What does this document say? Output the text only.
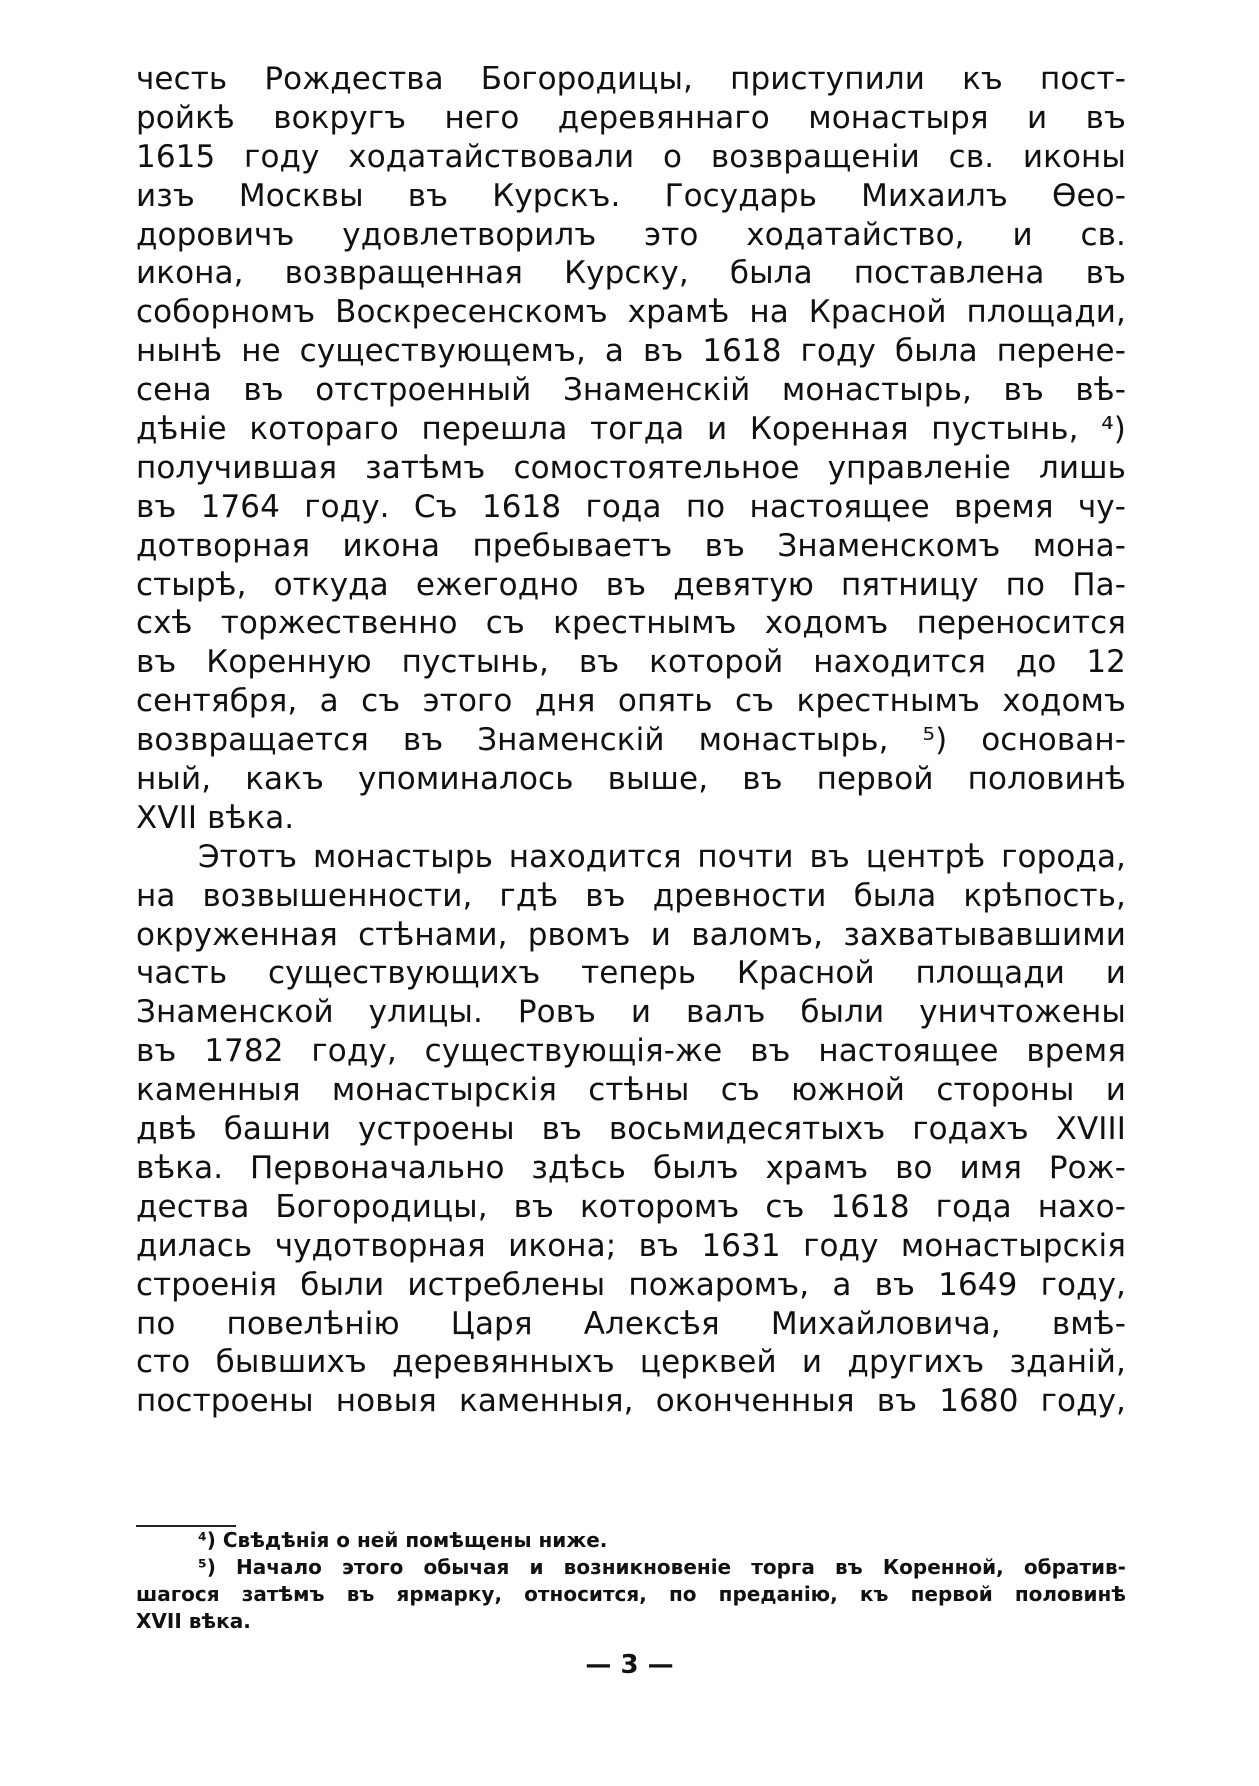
честь Рождества Богородицы, приступили къ пост-
ройкѣ вокругъ него деревяннаго монастыря и въ
1615 году ходатайствовали о возвращенiи св. иконы
изъ Москвы въ Курскъ. Государь Михаилъ Ѳео-
доровичъ удовлетворилъ это ходатайство, и св.
икона, возвращенная Курску, была поставлена въ
соборномъ Воскресенскомъ храмѣ на Красной площади,
нынѣ не существующемъ, а въ 1618 году была перене-
сена въ отстроенный Знаменскiй монастырь, въ вѣ-
дѣнiе котораго перешла тогда и Коренная пустынь, ⁴)
получившая затѣмъ сомостоятельное управленiе лишь
въ 1764 году. Съ 1618 года по настоящее время чу-
дотворная икона пребываетъ въ Знаменскомъ мона-
стырѣ, откуда ежегодно въ девятую пятницу по Па-
схѣ торжественно съ крестнымъ ходомъ переносится
въ Коренную пустынь, въ которой находится до 12
сентября, а съ этого дня опять съ крестнымъ ходомъ
возвращается въ Знаменскiй монастырь, ⁵) основан-
ный, какъ упоминалось выше, въ первой половинѣ
XVII вѣка.
Этотъ монастырь находится почти въ центрѣ города,
на возвышенности, гдѣ въ древности была крѣпость,
окруженная стѣнами, рвомъ и валомъ, захватывавшими
часть существующихъ теперь Красной площади и
Знаменской улицы. Ровъ и валъ были уничтожены
въ 1782 году, существующiя-же въ настоящее время
каменныя монастырскiя стѣны съ южной стороны и
двѣ башни устроены въ восьмидесятыхъ годахъ XVIII
вѣка. Первоначально здѣсь былъ храмъ во имя Рож-
дества Богородицы, въ которомъ съ 1618 года нахо-
дилась чудотворная икона; въ 1631 году монастырскiя
строенiя были истреблены пожаромъ, а въ 1649 году,
по повелѣнiю Царя Алексѣя Михайловича, вмѣ-
сто бывшихъ деревянныхъ церквей и другихъ зданiй,
построены новыя каменныя, оконченныя въ 1680 году,
⁴) Свѣдѣнiя о ней помѣщены ниже.
⁵) Начало этого обычая и возникновенiе торга въ Коренной, обратив-
шагося затѣмъ въ ярмарку, относится, по преданiю, къ первой половинѣ
XVII вѣка.
— 3 —
